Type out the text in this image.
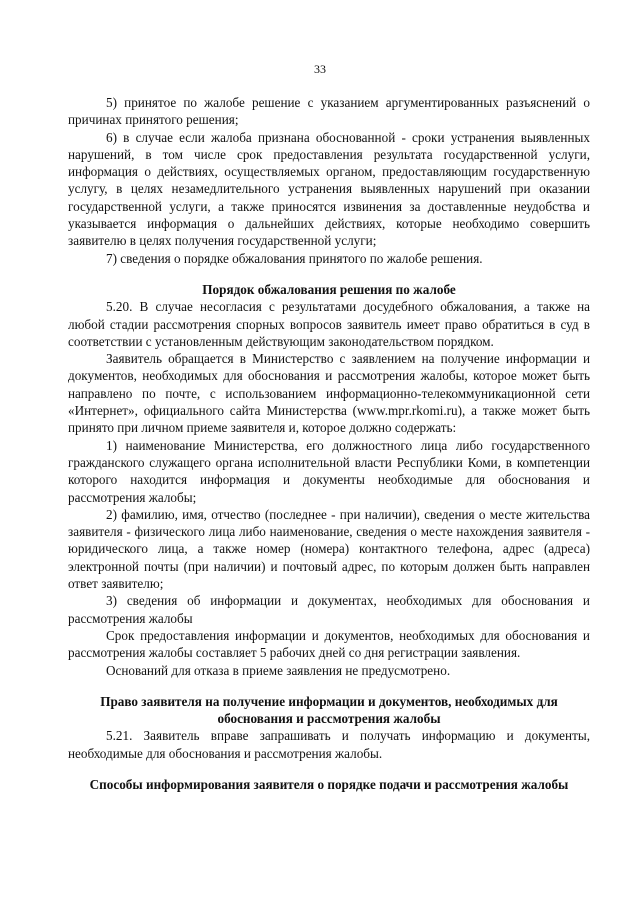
33

5) принятое по жалобе решение с указанием аргументированных разъяснений о причинах принятого решения;

6) в случае если жалоба признана обоснованной - сроки устранения выявленных нарушений, в том числе срок предоставления результата государственной услуги, информация о действиях, осуществляемых органом, предоставляющим государственную услугу, в целях незамедлительного устранения выявленных нарушений при оказании государственной услуги, а также приносятся извинения за доставленные неудобства и указывается информация о дальнейших действиях, которые необходимо совершить заявителю в целях получения государственной услуги;

7) сведения о порядке обжалования принятого по жалобе решения.

Порядок обжалования решения по жалобе

5.20. В случае несогласия с результатами досудебного обжалования, а также на любой стадии рассмотрения спорных вопросов заявитель имеет право обратиться в суд в соответствии с установленным действующим законодательством порядком.

Заявитель обращается в Министерство с заявлением на получение информации и документов, необходимых для обоснования и рассмотрения жалобы, которое может быть направлено по почте, с использованием информационно-телекоммуникационной сети «Интернет», официального сайта Министерства (www.mpr.rkomi.ru), а также может быть принято при личном приеме заявителя и, которое должно содержать:

1) наименование Министерства, его должностного лица либо государственного гражданского служащего органа исполнительной власти Республики Коми, в компетенции которого находится информация и документы необходимые для обоснования и рассмотрения жалобы;

2) фамилию, имя, отчество (последнее - при наличии), сведения о месте жительства заявителя - физического лица либо наименование, сведения о месте нахождения заявителя - юридического лица, а также номер (номера) контактного телефона, адрес (адреса) электронной почты (при наличии) и почтовый адрес, по которым должен быть направлен ответ заявителю;

3) сведения об информации и документах, необходимых для обоснования и рассмотрения жалобы

Срок предоставления информации и документов, необходимых для обоснования и рассмотрения жалобы составляет 5 рабочих дней со дня регистрации заявления.

Оснований для отказа в приеме заявления не предусмотрено.

Право заявителя на получение информации и документов, необходимых для обоснования и рассмотрения жалобы

5.21. Заявитель вправе запрашивать и получать информацию и документы, необходимые для обоснования и рассмотрения жалобы.

Способы информирования заявителя о порядке подачи и рассмотрения жалобы
